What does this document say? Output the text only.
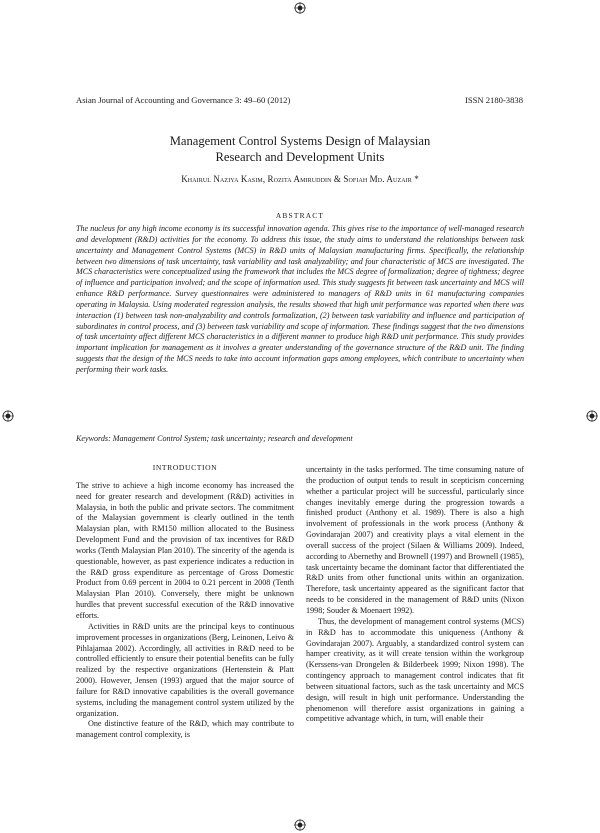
Asian Journal of Accounting and Governance 3: 49–60 (2012)	ISSN 2180-3838
Management Control Systems Design of Malaysian
Research and Development Units
Khairul Naziya Kasim, Rozita Amiruddin & Sofiah Md. Auzair *
ABSTRACT
The nucleus for any high income economy is its successful innovation agenda. This gives rise to the importance of well-managed research and development (R&D) activities for the economy. To address this issue, the study aims to understand the relationships between task uncertainty and Management Control Systems (MCS) in R&D units of Malaysian manufacturing firms. Specifically, the relationship between two dimensions of task uncertainty, task variability and task analyzability; and four characteristic of MCS are investigated. The MCS characteristics were conceptualized using the framework that includes the MCS degree of formalization; degree of tightness; degree of influence and participation involved; and the scope of information used. This study suggests fit between task uncertainty and MCS will enhance R&D performance. Survey questionnaires were administered to managers of R&D units in 61 manufacturing companies operating in Malaysia. Using moderated regression analysis, the results showed that high unit performance was reported when there was interaction (1) between task non-analyzability and controls formalization, (2) between task variability and influence and participation of subordinates in control process, and (3) between task variability and scope of information. These findings suggest that the two dimensions of task uncertainty affect different MCS characteristics in a different manner to produce high R&D unit performance. This study provides important implication for management as it involves a greater understanding of the governance structure of the R&D unit. The finding suggests that the design of the MCS needs to take into account information gaps among employees, which contribute to uncertainty when performing their work tasks.
Keywords: Management Control System; task uncertainty; research and development
INTRODUCTION

The strive to achieve a high income economy has increased the need for greater research and development (R&D) activities in Malaysia, in both the public and private sectors. The commitment of the Malaysian government is clearly outlined in the tenth Malaysian plan, with RM150 million allocated to the Business Development Fund and the provision of tax incentives for R&D works (Tenth Malaysian Plan 2010). The sincerity of the agenda is questionable, however, as past experience indicates a reduction in the R&D gross expenditure as percentage of Gross Domestic Product from 0.69 percent in 2004 to 0.21 percent in 2008 (Tenth Malaysian Plan 2010). Conversely, there might be unknown hurdles that prevent successful execution of the R&D innovative efforts.

Activities in R&D units are the principal keys to continuous improvement processes in organizations (Berg, Leinonen, Leivo & Pihlajamaa 2002). Accordingly, all activities in R&D need to be controlled efficiently to ensure their potential benefits can be fully realized by the respective organizations (Hertenstein & Platt 2000). However, Jensen (1993) argued that the major source of failure for R&D innovative capabilities is the overall governance systems, including the management control system utilized by the organization.

One distinctive feature of the R&D, which may contribute to management control complexity, is

uncertainty in the tasks performed. The time consuming nature of the production of output tends to result in scepticism concerning whether a particular project will be successful, particularly since changes inevitably emerge during the progression towards a finished product (Anthony et al. 1989). There is also a high involvement of professionals in the work process (Anthony & Govindarajan 2007) and creativity plays a vital element in the overall success of the project (Silaen & Williams 2009). Indeed, according to Abernethy and Brownell (1997) and Brownell (1985), task uncertainty became the dominant factor that differentiated the R&D units from other functional units within an organization. Therefore, task uncertainty appeared as the significant factor that needs to be considered in the management of R&D units (Nixon 1998; Souder & Moenaert 1992).

Thus, the development of management control systems (MCS) in R&D has to accommodate this uniqueness (Anthony & Govindarajan 2007). Arguably, a standardized control system can hamper creativity, as it will create tension within the workgroup (Kerssens-van Drongelen & Bilderbeek 1999; Nixon 1998). The contingency approach to management control indicates that fit between situational factors, such as the task uncertainty and MCS design, will result in high unit performance. Understanding the phenomenon will therefore assist organizations in gaining a competitive advantage which, in turn, will enable their
